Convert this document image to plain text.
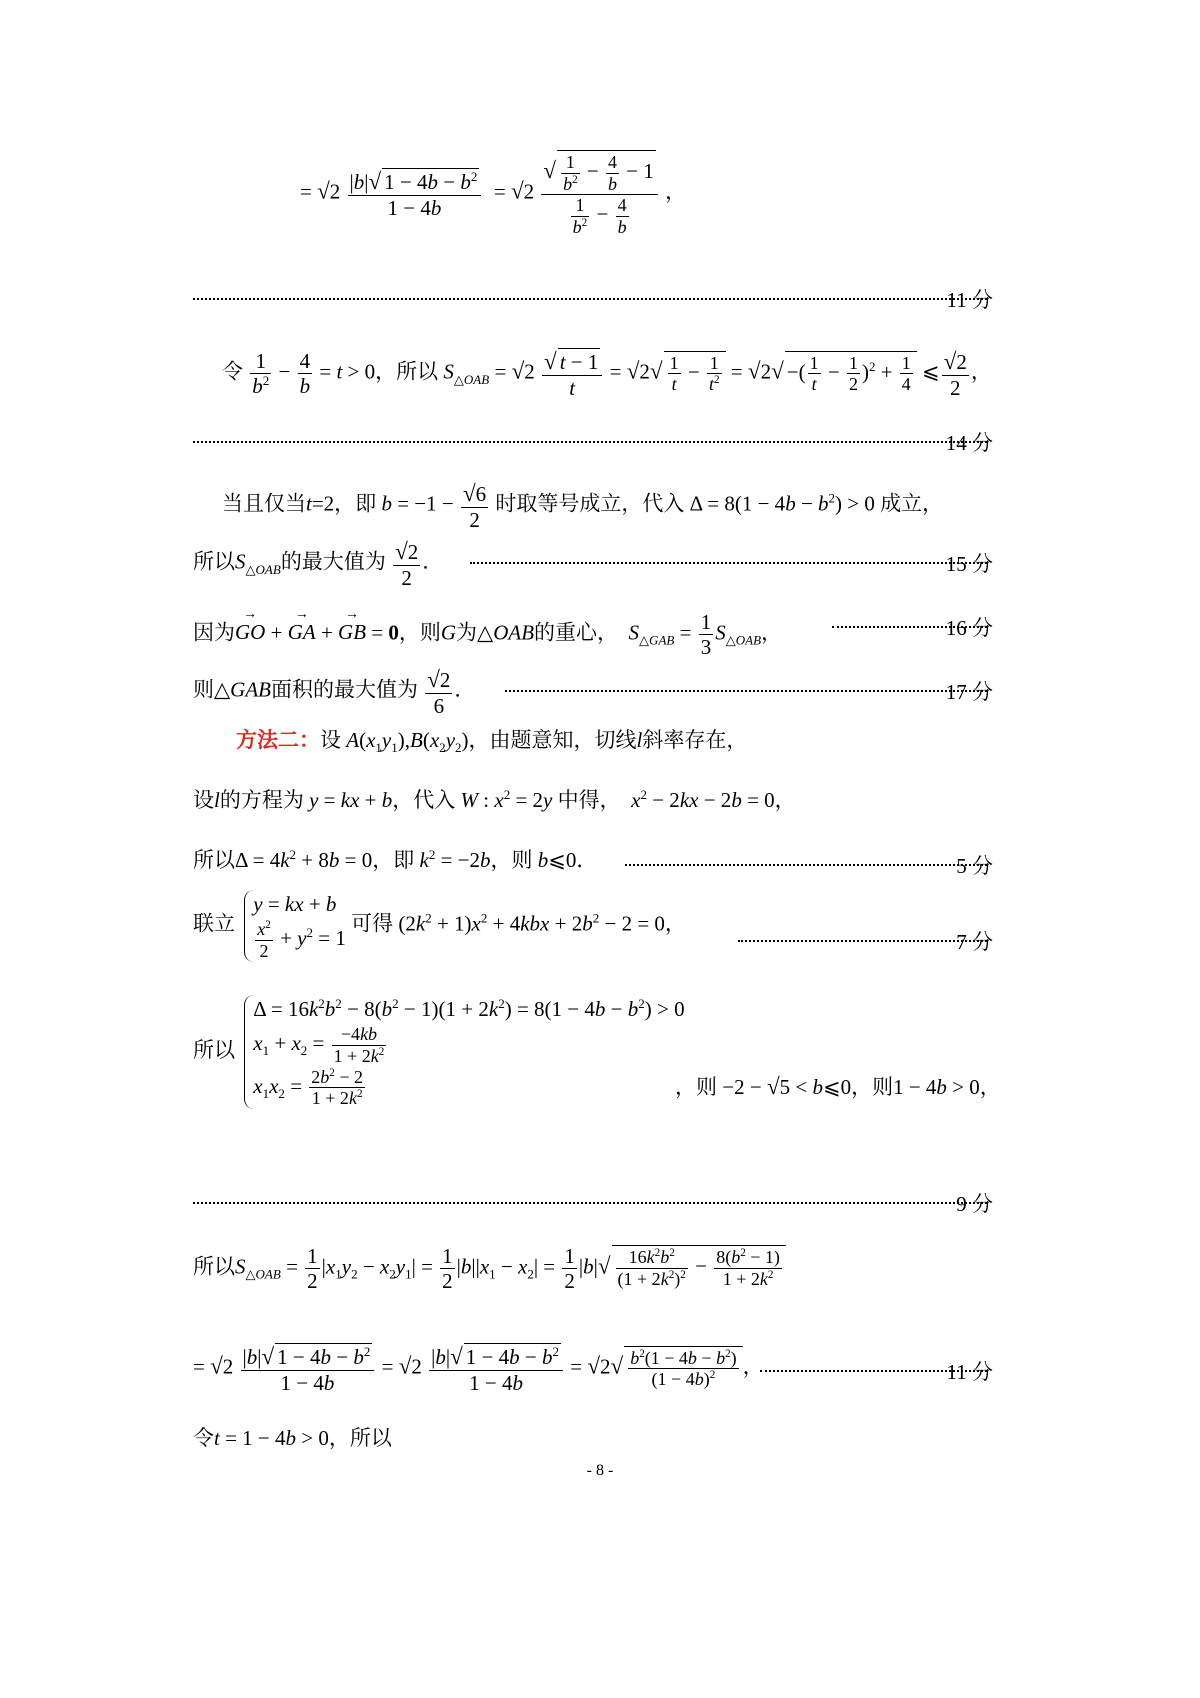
= $√2 \frac{|b|√ 1 - 4b - b^2}{1 - 4b} = √2 \frac{√ \frac{1}{b^2} - \frac{4}{b} - 1}{\frac{1}{b^2} - \frac{4}{b}}$ ，
11 分
令 $\frac{1}{b^2} - \frac{4}{b} = t > 0$，所以 $S_{\triangle OAB} = √2 \frac{√ t - 1}{t} = √2√ \frac{1}{t} - \frac{1}{t^2} = √2√$ −( $\frac{1}{t} - \frac{1}{2} )^2 + \frac{1}{4}$ ⩽ $\frac{√2}{2}$ ，
14 分
当且仅当t=2，即 $b = -1 - \frac{√6}{2}$ 时取等号成立，代入 $\Delta = 8(1 - 4b - b^2) > 0$ 成立，
所以$S_{\triangle OAB}$的最大值为 $\frac{√2}{2}$ ．	15 分
因为→ GO + → GA + → GB = 0，则G为△OAB的重心， $S_{\triangle GAB} = \frac{1}{3} S_{\triangle OAB}$，	16 分
则△GAB面积的最大值为 $\frac{√2}{6}$ ．	17 分
方法二：设 $A(x_1y_1),B(x_2y_2)$，由题意知，切线l斜率存在，
设l的方程为 y = kx + b，代入 W : $x^2 = 2y$ 中得， $x^2 - 2kx - 2b = 0$，
所以$\Delta = 4k^2 + 8b = 0$，即 $k^2 = -2b$，则 b⩽0．	5 分
联立
y = kx + b
$\frac{x^2}{2} + y^2 = 1$
可得 $(2k^2 + 1)x^2 + 4kbx + 2b^2 - 2 = 0$，
7 分
所以
$\Delta = 16k^2b^2 - 8(b^2 - 1)(1 + 2k^2) = 8(1 - 4b - b^2) > 0$
$x_1 + x_2 = \frac{-4kb}{1 + 2k^2}$
$x_1x_2 = \frac{2b^2 - 2}{1 + 2k^2}$	，则 −2 − √5 < b⩽0，则1 − 4b > 0，
9 分
所以$S_{\triangle OAB} = \frac{1}{2} |x_1y_2 - x_2y_1| = \frac{1}{2} |b||x_1 - x_2| = \frac{1}{2} |b|√ \frac{16k^2b^2}{(1 + 2k^2)^2} - \frac{8(b^2 - 1)}{1 + 2k^2}$
= $√2 \frac{|b|√ 1 - 4b - b^2}{1 - 4b} = √2 \frac{|b|√ 1 - 4b - b^2}{1 - 4b} = √2√ \frac{b^2(1 - 4b - b^2)}{(1 - 4b)^2}$ ，	11 分
令t = 1 − 4b > 0，所以
- 8 -
